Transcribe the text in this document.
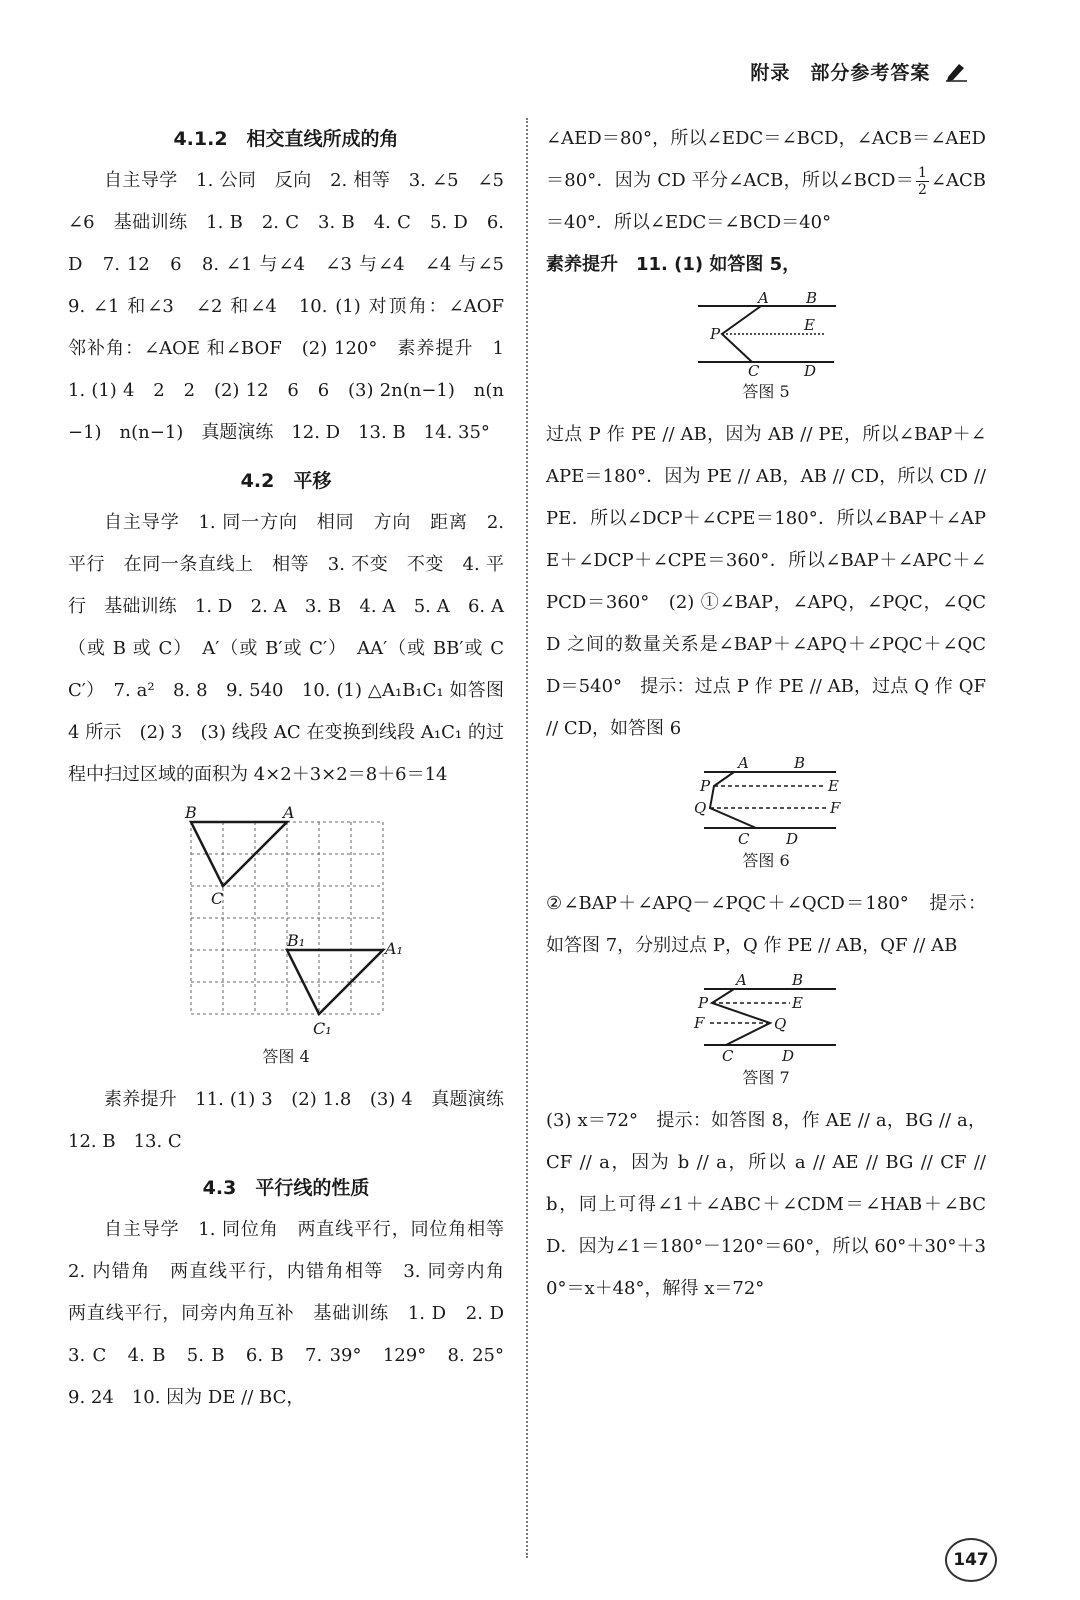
附录　部分参考答案

4.1.2　相交直线所成的角

自主导学　1. 公同　反向　2. 相等　3. ∠5　∠5　∠6　基础训练　1. B　2. C　3. B　4. C　5. D　6. D　7. 12　6　8. ∠1 与∠4　∠3 与∠4　∠4 与∠5　9. ∠1 和∠3　∠2 和∠4　10. (1) 对顶角：∠AOF　邻补角：∠AOE 和∠BOF　(2) 120°　素养提升　11. (1) 4　2　2　(2) 12　6　6　(3) 2n(n−1)　n(n−1)　n(n−1)　真题演练　12. D　13. B　14. 35°

4.2　平移

自主导学　1. 同一方向　相同　方向　距离　2. 平行　在同一条直线上　相等　3. 不变　不变　4. 平行　基础训练　1. D　2. A　3. B　4. A　5. A　6. A（或 B 或 C）　A′（或 B′或 C′）　AA′（或 BB′或 CC′）　7. a²　8. 8　9. 540　10. (1) △A₁B₁C₁ 如答图 4 所示　(2) 3　(3) 线段 AC 在变换到线段 A₁C₁ 的过程中扫过区域的面积为 4×2＋3×2＝8＋6＝14

B	A
C
B₁	A₁
C₁
答图 4

素养提升　11. (1) 3　(2) 1.8　(3) 4　真题演练　12. B　13. C

4.3　平行线的性质

自主导学　1. 同位角　两直线平行，同位角相等　2. 内错角　两直线平行，内错角相等　3. 同旁内角　两直线平行，同旁内角互补　基础训练　1. D　2. D　3. C　4. B　5. B　6. B　7. 39°　129°　8. 25°　9. 24　10. 因为 DE // BC，

∠AED＝80°，所以∠EDC＝∠BCD，∠ACB＝∠AED＝80°．因为 CD 平分∠ACB，所以∠BCD＝ $\frac{1}{2}$ ∠ACB＝40°．所以∠EDC＝∠BCD＝40°

素养提升　11. (1) 如答图 5，

A B
P	E
C	D
答图 5

过点 P 作 PE // AB，因为 AB // PE，所以∠BAP＋∠APE＝180°．因为 PE // AB，AB // CD，所以 CD // PE．所以∠DCP＋∠CPE＝180°．所以∠BAP＋∠APE＋∠DCP＋∠CPE＝360°．所以∠BAP＋∠APC＋∠PCD＝360°　(2) ①∠BAP，∠APQ，∠PQC，∠QCD 之间的数量关系是∠BAP＋∠APQ＋∠PQC＋∠QCD＝540°　提示：过点 P 作 PE // AB，过点 Q 作 QF // CD，如答图 6

A	B
P	E
Q	F
C D
答图 6

②∠BAP＋∠APQ－∠PQC＋∠QCD＝180°　提示：如答图 7，分别过点 P，Q 作 PE // AB，QF // AB

A	B
P	E
F	Q
C	D
答图 7

(3) x＝72°　提示：如答图 8，作 AE // a，BG // a，CF // a，因为 b // a，所以 a // AE // BG // CF // b，同上可得∠1＋∠ABC＋∠CDM＝∠HAB＋∠BCD．因为∠1＝180°－120°＝60°，所以 60°＋30°＋30°＝x＋48°，解得 x＝72°

147
